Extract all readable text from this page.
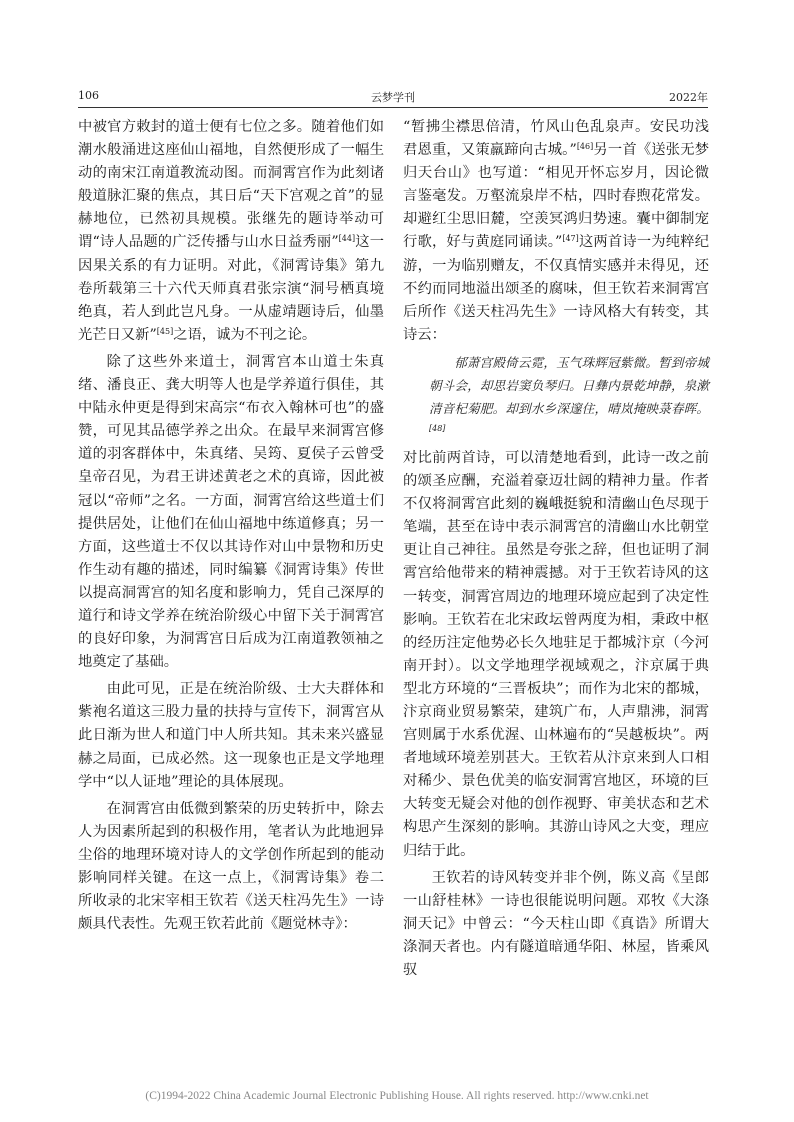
106	云梦学刊	2022年

中被官方敕封的道士便有七位之多。随着他们如潮水般涌进这座仙山福地，自然便形成了一幅生动的南宋江南道教流动图。而洞霄宫作为此刻诸般道脉汇聚的焦点，其日后“天下宫观之首”的显赫地位，已然初具规模。张继先的题诗举动可谓“诗人品题的广泛传播与山水日益秀丽”[44]这一因果关系的有力证明。对此，《洞霄诗集》第九卷所载第三十六代天师真君张宗演“洞号栖真境绝真，若人到此岂凡身。一从虚靖题诗后，仙墨光芒日又新”[45]之语，诚为不刊之论。

除了这些外来道士，洞霄宫本山道士朱真绪、潘良正、龚大明等人也是学养道行俱佳，其中陆永仲更是得到宋高宗“布衣入翰林可也”的盛赞，可见其品德学养之出众。在最早来洞霄宫修道的羽客群体中，朱真绪、吴筠、夏侯子云曾受皇帝召见，为君王讲述黄老之术的真谛，因此被冠以“帝师”之名。一方面，洞霄宫给这些道士们提供居处，让他们在仙山福地中练道修真；另一方面，这些道士不仅以其诗作对山中景物和历史作生动有趣的描述，同时编纂《洞霄诗集》传世以提高洞霄宫的知名度和影响力，凭自己深厚的道行和诗文学养在统治阶级心中留下关于洞霄宫的良好印象，为洞霄宫日后成为江南道教领袖之地奠定了基础。

由此可见，正是在统治阶级、士大夫群体和紫袍名道这三股力量的扶持与宣传下，洞霄宫从此日渐为世人和道门中人所共知。其未来兴盛显赫之局面，已成必然。这一现象也正是文学地理学中“以人证地”理论的具体展现。

在洞霄宫由低微到繁荣的历史转折中，除去人为因素所起到的积极作用，笔者认为此地迥异尘俗的地理环境对诗人的文学创作所起到的能动影响同样关键。在这一点上，《洞霄诗集》卷二所收录的北宋宰相王钦若《送天柱冯先生》一诗颇具代表性。先观王钦若此前《题觉林寺》：

“暂拂尘襟思倍清，竹风山色乱泉声。安民功浅君恩重，又策羸蹄向古城。”[46]另一首《送张无梦归天台山》也写道：“相见开怀忘岁月，因论微言鉴毫发。万壑流泉岸不枯，四时春煦花常发。却避红尘思旧麓，空羡冥鸿归势速。囊中御制宠行歌，好与黄庭同诵读。”[47]这两首诗一为纯粹纪游，一为临别赠友，不仅真情实感并未得见，还不约而同地溢出颂圣的腐味，但王钦若来洞霄宫后所作《送天柱冯先生》一诗风格大有转变，其诗云：

郁萧宫殿倚云霓，玉气珠辉冠紫微。暂到帝城朝斗会，却思岩窦负琴归。日彝内景乾坤静，泉漱清音杞菊肥。却到水乡深邃住，晴岚掩映菉春晖。[48]

对比前两首诗，可以清楚地看到，此诗一改之前的颂圣应酬，充溢着豪迈壮阔的精神力量。作者不仅将洞霄宫此刻的巍峨挺貌和清幽山色尽现于笔端，甚至在诗中表示洞霄宫的清幽山水比朝堂更让自己神往。虽然是夸张之辞，但也证明了洞霄宫给他带来的精神震撼。对于王钦若诗风的这一转变，洞霄宫周边的地理环境应起到了决定性影响。王钦若在北宋政坛曾两度为相，秉政中枢的经历注定他势必长久地驻足于都城汴京（今河南开封）。以文学地理学视域观之，汴京属于典型北方环境的“三晋板块”；而作为北宋的都城，汴京商业贸易繁荣，建筑广布，人声鼎沸，洞霄宫则属于水系优渥、山林遍布的“吴越板块”。两者地域环境差别甚大。王钦若从汴京来到人口相对稀少、景色优美的临安洞霄宫地区，环境的巨大转变无疑会对他的创作视野、审美状态和艺术构思产生深刻的影响。其游山诗风之大变，理应归结于此。

王钦若的诗风转变并非个例，陈义高《呈郎一山舒桂林》一诗也很能说明问题。邓牧《大涤洞天记》中曾云：“今天柱山即《真诰》所谓大涤洞天者也。内有隧道暗通华阳、林屋，皆乘风驭

(C)1994-2022 China Academic Journal Electronic Publishing House. All rights reserved. http://www.cnki.net
